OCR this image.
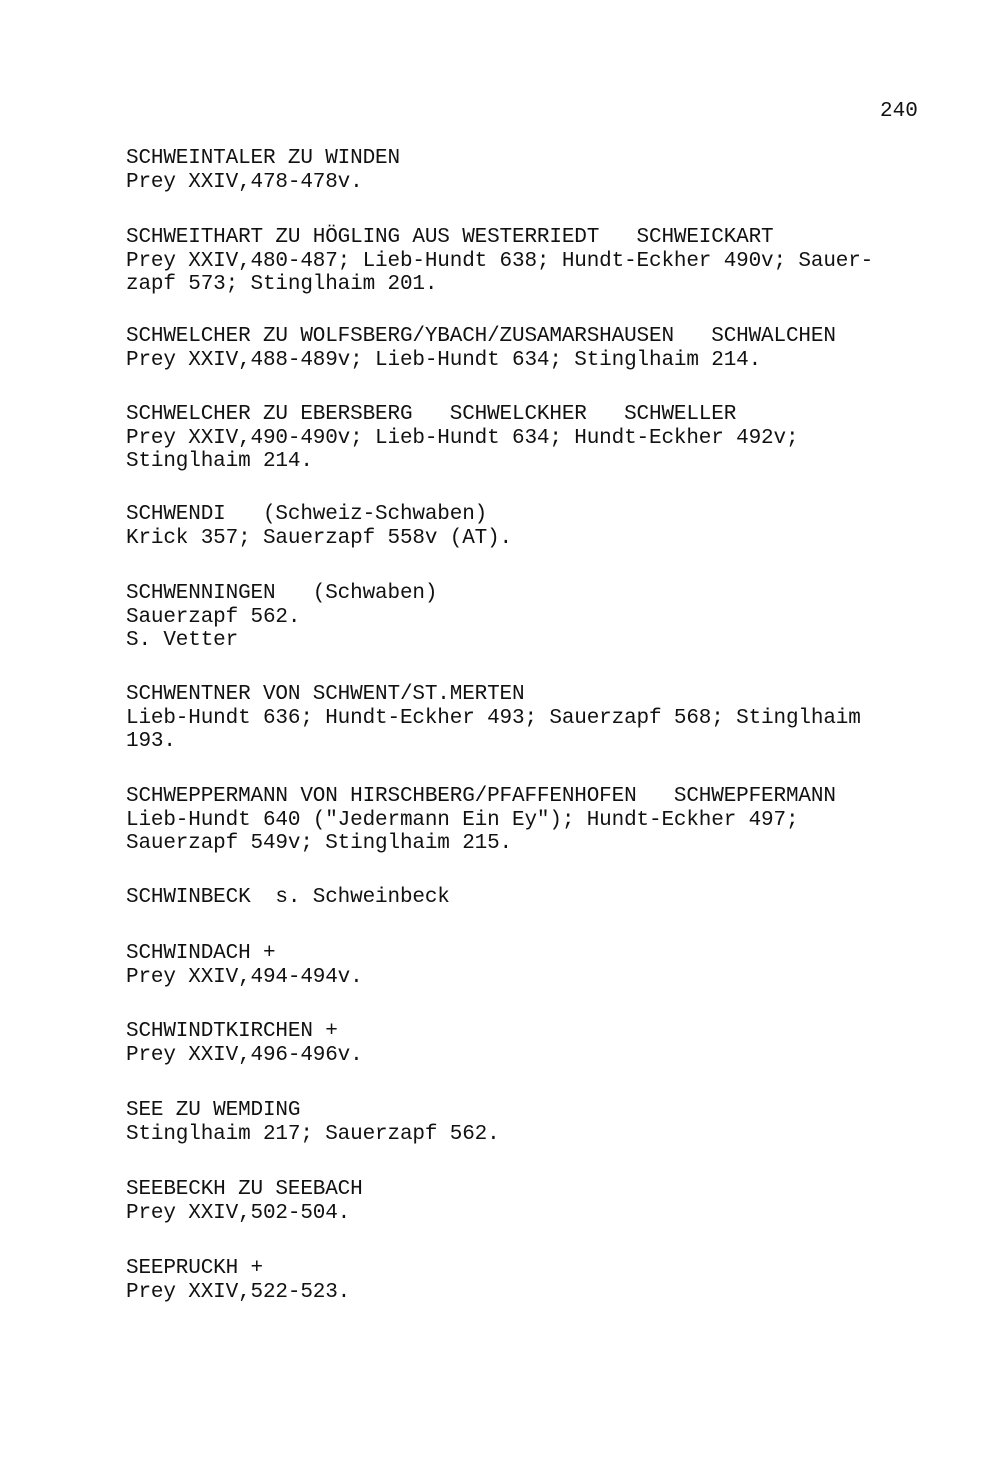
240
SCHWEINTALER ZU WINDEN
Prey XXIV,478-478v.
SCHWEITHART ZU HÖGLING AUS WESTERRIEDT   SCHWEICKART
Prey XXIV,480-487; Lieb-Hundt 638; Hundt-Eckher 490v; Sauer-
zapf 573; Stinglhaim 201.
SCHWELCHER ZU WOLFSBERG/YBACH/ZUSAMARSHAUSEN   SCHWALCHEN
Prey XXIV,488-489v; Lieb-Hundt 634; Stinglhaim 214.
SCHWELCHER ZU EBERSBERG   SCHWELCKHER   SCHWELLER
Prey XXIV,490-490v; Lieb-Hundt 634; Hundt-Eckher 492v;
Stinglhaim 214.
SCHWENDI   (Schweiz-Schwaben)
Krick 357; Sauerzapf 558v (AT).
SCHWENNINGEN   (Schwaben)
Sauerzapf 562.
S. Vetter
SCHWENTNER VON SCHWENT/ST.MERTEN
Lieb-Hundt 636; Hundt-Eckher 493; Sauerzapf 568; Stinglhaim
193.
SCHWEPPERMANN VON HIRSCHBERG/PFAFFENHOFEN   SCHWEPFERMANN
Lieb-Hundt 640 ("Jedermann Ein Ey"); Hundt-Eckher 497;
Sauerzapf 549v; Stinglhaim 215.
SCHWINBECK  s. Schweinbeck
SCHWINDACH +
Prey XXIV,494-494v.
SCHWINDTKIRCHEN +
Prey XXIV,496-496v.
SEE ZU WEMDING
Stinglhaim 217; Sauerzapf 562.
SEEBECKH ZU SEEBACH
Prey XXIV,502-504.
SEEPRUCKH +
Prey XXIV,522-523.
